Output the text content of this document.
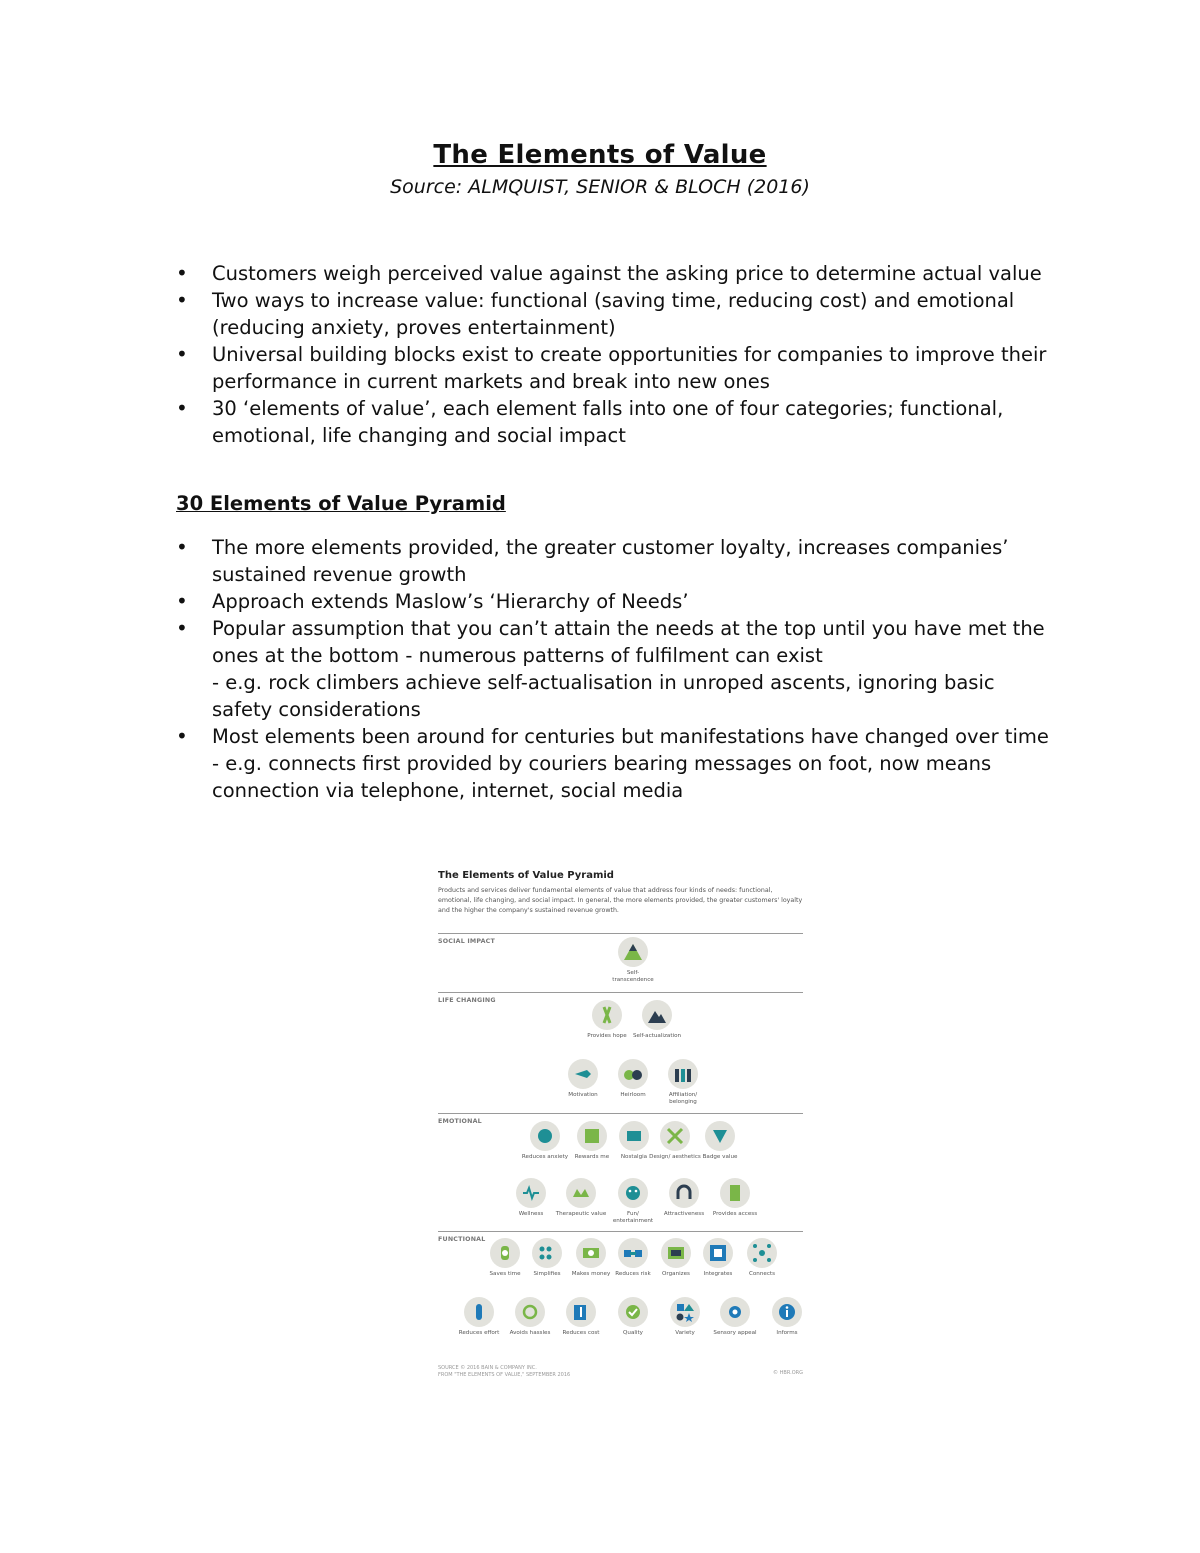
The Elements of Value
Source: ALMQUIST, SENIOR & BLOCH (2016)
• Customers weigh perceived value against the asking price to determine actual value
• Two ways to increase value: functional (saving time, reducing cost) and emotional (reducing anxiety, proves entertainment)
• Universal building blocks exist to create opportunities for companies to improve their performance in current markets and break into new ones
• 30 ‘elements of value’, each element falls into one of four categories; functional, emotional, life changing and social impact
30 Elements of Value Pyramid
• The more elements provided, the greater customer loyalty, increases companies’ sustained revenue growth
• Approach extends Maslow’s ‘Hierarchy of Needs’
• Popular assumption that you can’t attain the needs at the top until you have met the ones at the bottom - numerous patterns of fulfilment can exist
- e.g. rock climbers achieve self-actualisation in unroped ascents, ignoring basic safety considerations
• Most elements been around for centuries but manifestations have changed over time
- e.g. connects first provided by couriers bearing messages on foot, now means connection via telephone, internet, social media
The Elements of Value Pyramid
Products and services deliver fundamental elements of value that address four kinds of needs: functional, emotional, life changing, and social impact. In general, the more elements provided, the greater customers' loyalty and the higher the company's sustained revenue growth.
SOCIAL IMPACT
LIFE CHANGING
EMOTIONAL
FUNCTIONAL
Self-transcendence
Provides hope	Self-actualization
Motivation	Heirloom	Affiliation/ belonging
Reduces anxiety	Rewards me	Nostalgia Design/ aesthetics Badge value
Wellness	Therapeutic value	Fun/ entertainment
Attractiveness	Provides access
Saves time	Simplifies	Makes money Reduces risk	Organizes	Integrates	Connects
Reduces effort	Avoids hassles	Reduces cost	Quality	Variety	Sensory appeal	Informs
SOURCE © 2016 BAIN & COMPANY INC.
FROM "THE ELEMENTS OF VALUE," SEPTEMBER 2016	© HBR.ORG
